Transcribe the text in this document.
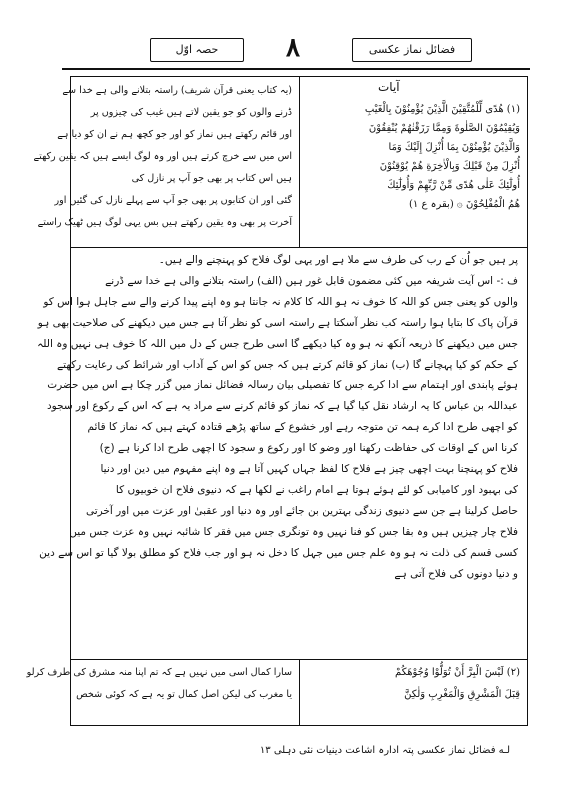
حصہ اوّل	٨	فضائل نماز عکسی
آیات
(١) هُدًى لِّلْمُتَّقِيْنَ الَّذِيْنَ يُؤْمِنُوْنَ بِالْغَيْبِ
وَيُقِيْمُوْنَ الصَّلٰوةَ وَمِمَّا رَزَقْنٰهُمْ يُنْفِقُوْنَ
وَالَّذِيْنَ يُؤْمِنُوْنَ بِمَا أُنْزِلَ إِلَيْكَ وَمَا
أُنْزِلَ مِنْ قَبْلِكَ وَبِالْاٰخِرَةِ هُمْ يُوْقِنُوْنَ
أُولٰٓئِكَ عَلٰى هُدًى مِّنْ رَّبِّهِمْ وَأُولٰٓئِكَ
هُمُ الْمُفْلِحُوْنَ ۞ (بقرہ ع ١)
(یہ کتاب یعنی قرآن شریف) راستہ بتلانے والی ہے خدا سے
ڈرنے والوں کو جو یقین لاتے ہیں غیب کی چیزوں پر
اور قائم رکھتے ہیں نماز کو اور جو کچھ ہم نے ان کو دیا ہے
اس میں سے خرچ کرتے ہیں اور وہ لوگ ایسے ہیں کہ یقین رکھتے
ہیں اس کتاب پر بھی جو آپ پر نازل کی
گئی اور ان کتابوں پر بھی جو آپ سے پہلے نازل کی گئیں اور
آخرت پر بھی وہ یقین رکھتے ہیں بس یہی لوگ ہیں ٹھیک راستے
پر ہیں جو اُن کے رب کی طرف سے ملا ہے اور یہی لوگ فلاح کو پہنچنے والے ہیں۔
ف :- اس آیت شریفہ میں کئی مضمون قابل غور ہیں (الف) راستہ بتلانے والی ہے خدا سے ڈرنے
والوں کو یعنی جس کو اللہ کا خوف نہ ہو اللہ کا کلام نہ جانتا ہو وہ اپنے پیدا کرنے والے سے جاہل ہوا اس کو
قرآن پاک کا بتایا ہوا راستہ کب نظر آسکتا ہے راستہ اسی کو نظر آتا ہے جس میں دیکھنے کی صلاحیت بھی ہو
جس میں دیکھنے کا ذریعہ آنکھ نہ ہو وہ کیا دیکھے گا اسی طرح جس کے دل میں اللہ کا خوف ہی نہیں وہ اللہ
کے حکم کو کیا پہچانے گا (ب) نماز کو قائم کرتے ہیں کہ جس کو اس کے آداب اور شرائط کی رعایت رکھتے
ہوئے پابندی اور اہتمام سے ادا کرے جس کا تفصیلی بیان رسالہ فضائل نماز میں گزر چکا ہے اس میں حضرت
عبداللہ بن عباس کا یہ ارشاد نقل کیا گیا ہے کہ نماز کو قائم کرنے سے مراد یہ ہے کہ اس کے رکوع اور سجود
کو اچھی طرح ادا کرے ہمہ تن متوجہ رہے اور خشوع کے ساتھ پڑھے قتادہ کہتے ہیں کہ نماز کا قائم
کرنا اس کے اوقات کی حفاظت رکھنا اور وضو کا اور رکوع و سجود کا اچھی طرح ادا کرنا ہے (ج)
فلاح کو پہنچنا بہت اچھی چیز ہے فلاح کا لفظ جہاں کہیں آتا ہے وہ اپنے مفہوم میں دین اور دنیا
کی بہبود اور کامیابی کو لئے ہوئے ہوتا ہے امام راغب نے لکھا ہے کہ دنیوی فلاح ان خوبیوں کا
حاصل کرلینا ہے جن سے دنیوی زندگی بہترین بن جائے اور وہ دنیا اور عقبیٰ اور عزت میں اور آخرتی
فلاح چار چیزیں ہیں وہ بقا جس کو فنا نہیں وہ تونگری جس میں فقر کا شائبہ نہیں وہ عزت جس میں
کسی قسم کی ذلت نہ ہو وہ علم جس میں جہل کا دخل نہ ہو اور جب فلاح کو مطلق بولا گیا تو اس سے دین
و دنیا دونوں کی فلاح آتی ہے
(٢) لَيْسَ الْبِرَّ أَنْ تُوَلُّوْا وُجُوْهَكُمْ
قِبَلَ الْمَشْرِقِ وَالْمَغْرِبِ وَلٰكِنَّ
سارا کمال اسی میں نہیں ہے کہ تم اپنا منہ مشرق کی طرف کرلو
یا مغرب کی لیکن اصل کمال تو یہ ہے کہ کوئی شخص
لـه فضائل نماز عکسی پتہ ادارہ اشاعت دینیات نئی دہلی ١٣
